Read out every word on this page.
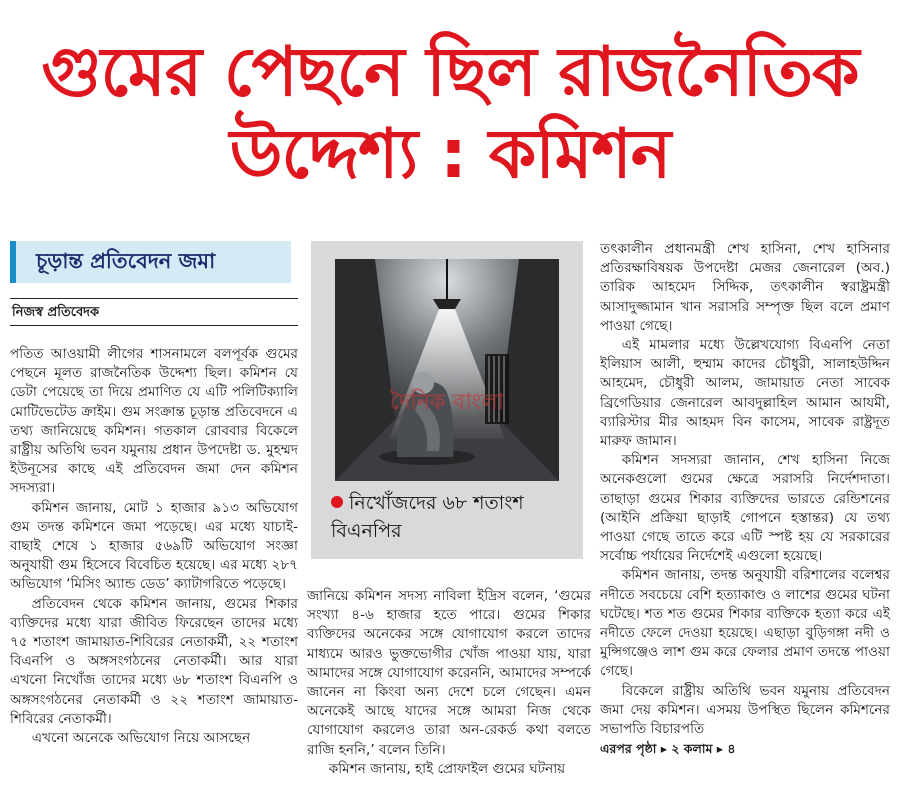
গুমের পেছনে ছিল রাজনৈতিক
উদ্দেশ্য : কমিশন
চূড়ান্ত প্রতিবেদন জমা
নিজস্ব প্রতিবেদক

পতিত আওয়ামী লীগের শাসনামলে বলপূর্বক গুমের পেছনে মূলত রাজনৈতিক উদ্দেশ্য ছিল। কমিশন যে ডেটা পেয়েছে তা দিয়ে প্রমাণিত যে এটি পলিটিক্যালি মোটিভেটেড ক্রাইম। গুম সংক্রান্ত চূড়ান্ত প্রতিবেদনে এ তথ্য জানিয়েছে কমিশন। গতকাল রোববার বিকেলে রাষ্ট্রীয় অতিথি ভবন যমুনায় প্রধান উপদেষ্টা ড. মুহম্মদ ইউনূসের কাছে এই প্রতিবেদন জমা দেন কমিশন সদস্যরা।

কমিশন জানায়, মোট ১ হাজার ৯১৩ অভিযোগ গুম তদন্ত কমিশনে জমা পড়েছে। এর মধ্যে যাচাই-বাছাই শেষে ১ হাজার ৫৬৯টি অভিযোগ সংজ্ঞা অনুযায়ী গুম হিসেবে বিবেচিত হয়েছে। এর মধ্যে ২৮৭ অভিযোগ ‘মিসিং অ্যান্ড ডেড’ ক্যাটাগরিতে পড়েছে।

প্রতিবেদন থেকে কমিশন জানায়, গুমের শিকার ব্যক্তিদের মধ্যে যারা জীবিত ফিরেছেন তাদের মধ্যে ৭৫ শতাংশ জামায়াত-শিবিরের নেতাকর্মী, ২২ শতাংশ বিএনপি ও অঙ্গসংগঠনের নেতাকর্মী। আর যারা এখনো নিখোঁজ তাদের মধ্যে ৬৮ শতাংশ বিএনপি ও অঙ্গসংগঠনের নেতাকর্মী ও ২২ শতাংশ জামায়াত-শিবিরের নেতাকর্মী।

এখনো অনেকে অভিযোগ নিয়ে আসছেন

দৈনিক বাংলা
নিখোঁজদের ৬৮ শতাংশ বিএনপির

জানিয়ে কমিশন সদস্য নাবিলা ইদ্রিস বলেন, ‘গুমের সংখ্যা ৪-৬ হাজার হতে পারে। গুমের শিকার ব্যক্তিদের অনেকের সঙ্গে যোগাযোগ করলে তাদের মাধ্যমে আরও ভুক্তভোগীর খোঁজ পাওয়া যায়, যারা আমাদের সঙ্গে যোগাযোগ করেননি, আমাদের সম্পর্কে জানেন না কিংবা অন্য দেশে চলে গেছেন। এমন অনেকেই আছে যাদের সঙ্গে আমরা নিজ থেকে যোগাযোগ করলেও তারা অন-রেকর্ড কথা বলতে রাজি হননি,’ বলেন তিনি।

কমিশন জানায়, হাই প্রোফাইল গুমের ঘটনায়

তৎকালীন প্রধানমন্ত্রী শেখ হাসিনা, শেখ হাসিনার প্রতিরক্ষাবিষয়ক উপদেষ্টা মেজর জেনারেল (অব.) তারিক আহমেদ সিদ্দিক, তৎকালীন স্বরাষ্ট্রমন্ত্রী আসাদুজ্জামান খান সরাসরি সম্পৃক্ত ছিল বলে প্রমাণ পাওয়া গেছে।

এই মামলার মধ্যে উল্লেখযোগ্য বিএনপি নেতা ইলিয়াস আলী, হুম্মাম কাদের চৌধুরী, সালাহউদ্দিন আহমেদ, চৌধুরী আলম, জামায়াত নেতা সাবেক ব্রিগেডিয়ার জেনারেল আবদুল্লাহিল আমান আযমী, ব্যারিস্টার মীর আহমদ বিন কাসেম, সাবেক রাষ্ট্রদূত মারুফ জামান।

কমিশন সদস্যরা জানান, শেখ হাসিনা নিজে অনেকগুলো গুমের ক্ষেত্রে সরাসরি নির্দেশদাতা। তাছাড়া গুমের শিকার ব্যক্তিদের ভারতে রেন্ডিশনের (আইনি প্রক্রিয়া ছাড়াই গোপনে হস্তান্তর) যে তথ্য পাওয়া গেছে তাতে করে এটি স্পষ্ট হয় যে সরকারের সর্বোচ্চ পর্যায়ের নির্দেশেই এগুলো হয়েছে।

কমিশন জানায়, তদন্ত অনুযায়ী বরিশালের বলেশ্বর নদীতে সবচেয়ে বেশি হত্যাকাণ্ড ও লাশের গুমের ঘটনা ঘটেছে। শত শত গুমের শিকার ব্যক্তিকে হত্যা করে এই নদীতে ফেলে দেওয়া হয়েছে। এছাড়া বুড়িগঙ্গা নদী ও মুন্সিগঞ্জেও লাশ গুম করে ফেলার প্রমাণ তদন্তে পাওয়া গেছে।

বিকেলে রাষ্ট্রীয় অতিথি ভবন যমুনায় প্রতিবেদন জমা দেয় কমিশন। এসময় উপস্থিত ছিলেন কমিশনের সভাপতি বিচারপতি

এরপর পৃষ্ঠা ▸ ২ কলাম ▸ ৪
